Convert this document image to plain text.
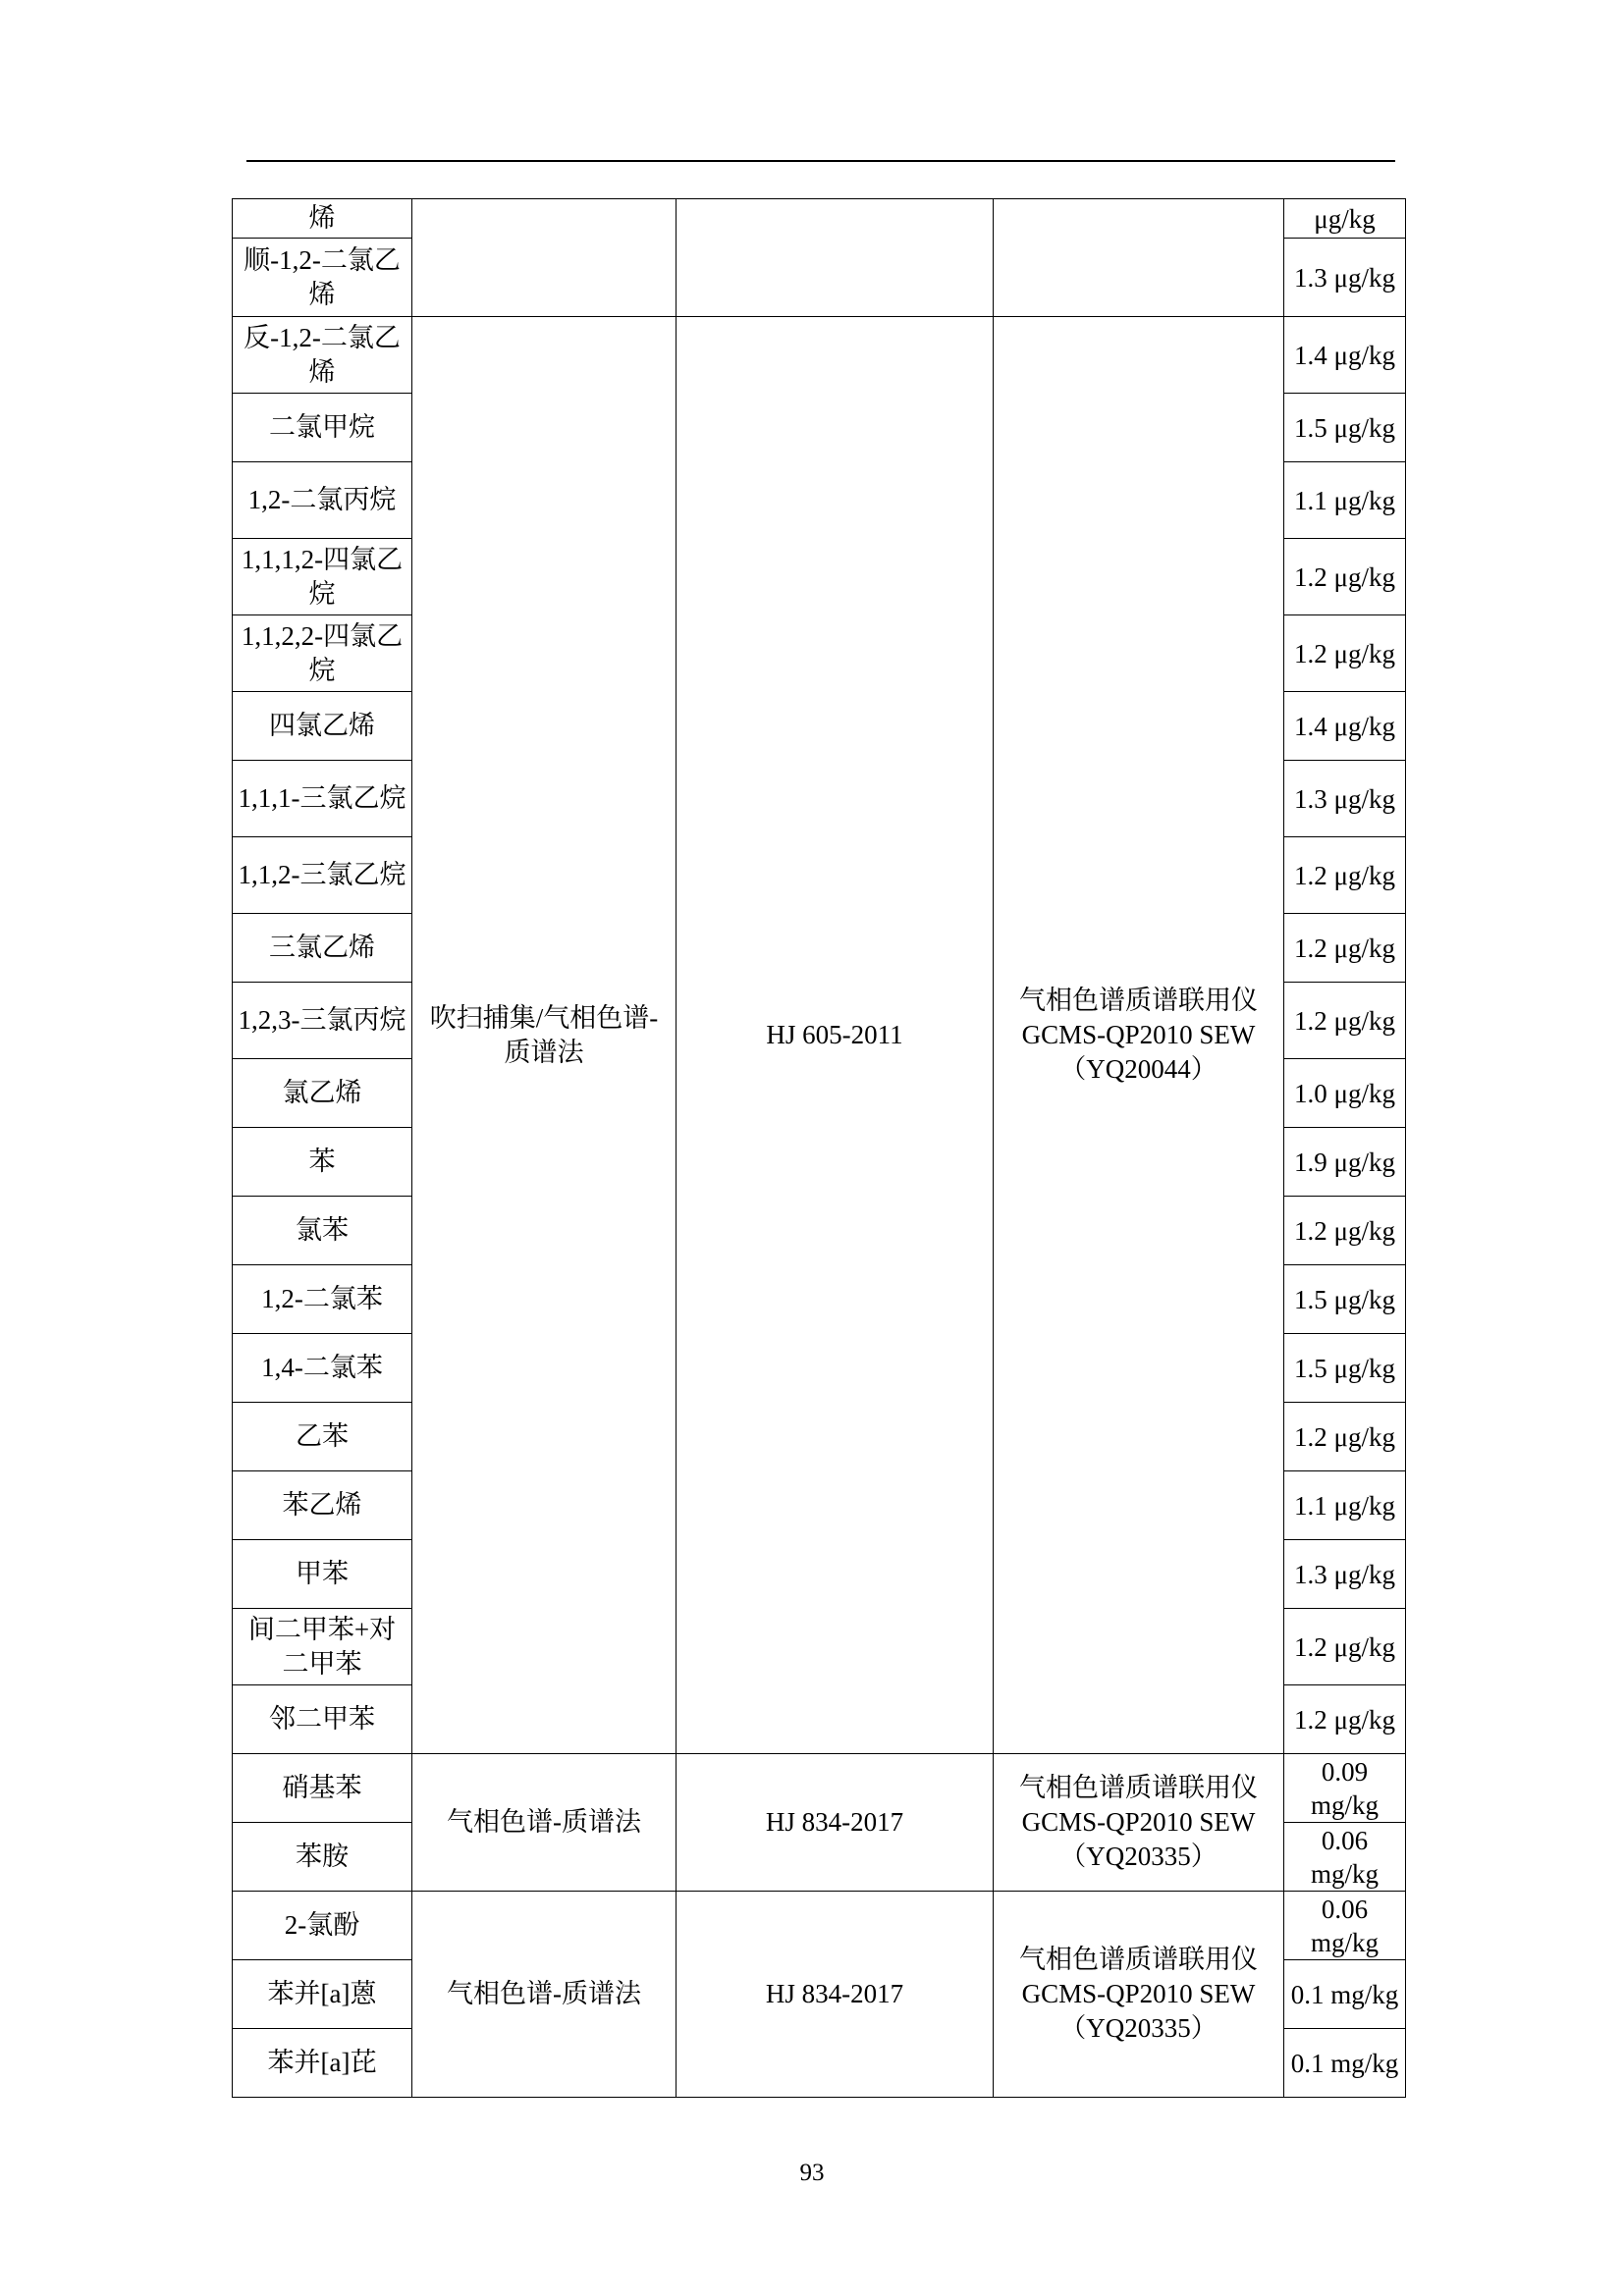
烯				μg/kg
顺-1,2-二氯乙烯				1.3 μg/kg
反-1,2-二氯乙烯	吹扫捕集/气相色谱-质谱法	HJ 605-2011	气相色谱质谱联用仪 GCMS-QP2010 SEW （YQ20044）	1.4 μg/kg
二氯甲烷				1.5 μg/kg
1,2-二氯丙烷				1.1 μg/kg
1,1,1,2-四氯乙烷				1.2 μg/kg
1,1,2,2-四氯乙烷				1.2 μg/kg
四氯乙烯				1.4 μg/kg
1,1,1-三氯乙烷				1.3 μg/kg
1,1,2-三氯乙烷				1.2 μg/kg
三氯乙烯				1.2 μg/kg
1,2,3-三氯丙烷				1.2 μg/kg
氯乙烯				1.0 μg/kg
苯				1.9 μg/kg
氯苯				1.2 μg/kg
1,2-二氯苯				1.5 μg/kg
1,4-二氯苯				1.5 μg/kg
乙苯				1.2 μg/kg
苯乙烯				1.1 μg/kg
甲苯				1.3 μg/kg
间二甲苯+对二甲苯				1.2 μg/kg
邻二甲苯				1.2 μg/kg
硝基苯	气相色谱-质谱法	HJ 834-2017	气相色谱质谱联用仪 GCMS-QP2010 SEW （YQ20335）	0.09 mg/kg
苯胺				0.06 mg/kg
2-氯酚	气相色谱-质谱法	HJ 834-2017	气相色谱质谱联用仪 GCMS-QP2010 SEW （YQ20335）	0.06 mg/kg
苯并[a]蒽				0.1 mg/kg
苯并[a]芘				0.1 mg/kg
93
